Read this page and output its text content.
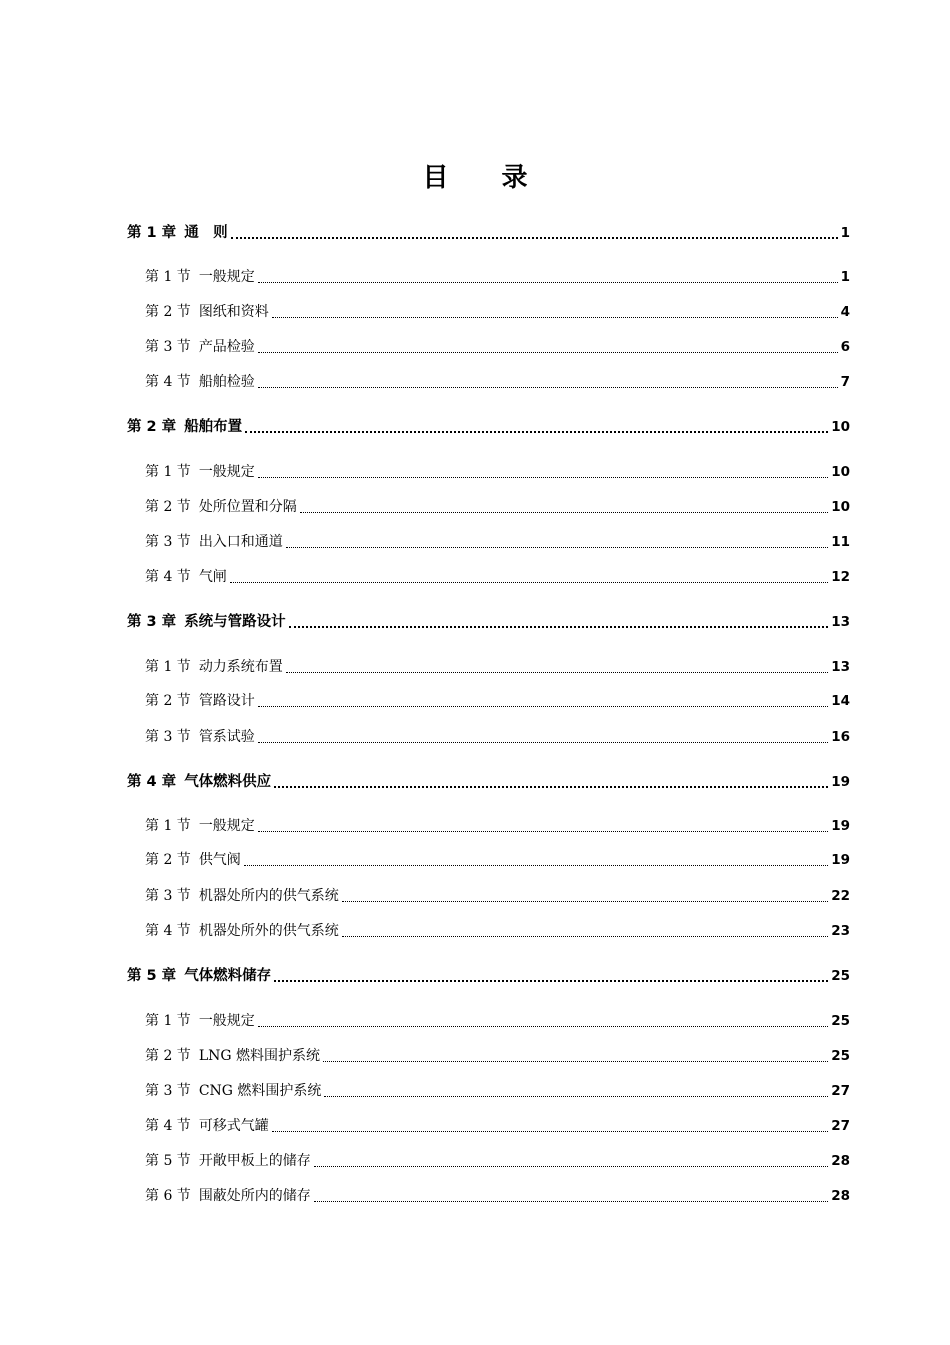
目 录
第 1 章 通　则	1
第 1 节 一般规定	1
第 2 节 图纸和资料	4
第 3 节 产品检验	6
第 4 节 船舶检验	7
第 2 章 船舶布置	10
第 1 节 一般规定	10
第 2 节 处所位置和分隔	10
第 3 节 出入口和通道	11
第 4 节 气闸	12
第 3 章 系统与管路设计	13
第 1 节 动力系统布置	13
第 2 节 管路设计	14
第 3 节 管系试验	16
第 4 章 气体燃料供应	19
第 1 节 一般规定	19
第 2 节 供气阀	19
第 3 节 机器处所内的供气系统	22
第 4 节 机器处所外的供气系统	23
第 5 章 气体燃料储存	25
第 1 节 一般规定	25
第 2 节 LNG 燃料围护系统	25
第 3 节 CNG 燃料围护系统	27
第 4 节 可移式气罐	27
第 5 节 开敞甲板上的储存	28
第 6 节 围蔽处所内的储存	28
